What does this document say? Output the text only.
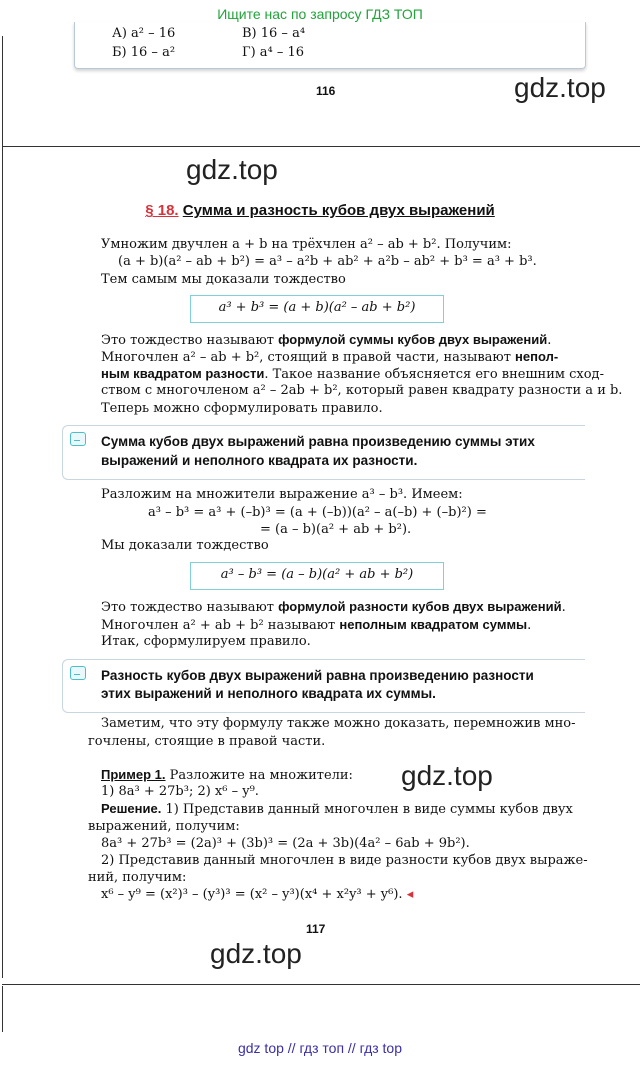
Ищите нас по запросу ГДЗ ТОП
А) a² – 16	В) 16 – a⁴
Б) 16 – a²	Г) a⁴ – 16
116	gdz.top
gdz.top
§ 18. Сумма и разность кубов двух выражений
Умножим двучлен a + b на трёхчлен a² – ab + b². Получим:
(a + b)(a² – ab + b²) = a³ – a²b + ab² + a²b – ab² + b³ = a³ + b³.
Тем самым мы доказали тождество
a³ + b³ = (a + b)(a² – ab + b²)
Это тождество называют формулой суммы кубов двух выражений.
Многочлен a² – ab + b², стоящий в правой части, называют непол-
ным квадратом разности. Такое название объясняется его внешним сход-
ством с многочленом a² – 2ab + b², который равен квадрату разности a и b.
Теперь можно сформулировать правило.
Сумма кубов двух выражений равна произведению суммы этих
выражений и неполного квадрата их разности.
Разложим на множители выражение a³ – b³. Имеем:
a³ – b³ = a³ + (–b)³ = (a + (–b))(a² – a(–b) + (–b)²) =
= (a – b)(a² + ab + b²).
Мы доказали тождество
a³ – b³ = (a – b)(a² + ab + b²)
Это тождество называют формулой разности кубов двух выражений.
Многочлен a² + ab + b² называют неполным квадратом суммы.
Итак, сформулируем правило.
Разность кубов двух выражений равна произведению разности
этих выражений и неполного квадрата их суммы.
Заметим, что эту формулу также можно доказать, перемножив мно-
гочлены, стоящие в правой части.
Пример 1. Разложите на множители: gdz.top
1) 8a³ + 27b³; 2) x⁶ – y⁹.
Решение. 1) Представив данный многочлен в виде суммы кубов двух
выражений, получим:
8a³ + 27b³ = (2a)³ + (3b)³ = (2a + 3b)(4a² – 6ab + 9b²).
2) Представив данный многочлен в виде разности кубов двух выраже-
ний, получим:
x⁶ – y⁹ = (x²)³ – (y³)³ = (x² – y³)(x⁴ + x²y³ + y⁶). ◂
117
gdz.top
gdz top // гдз топ // гдз top
